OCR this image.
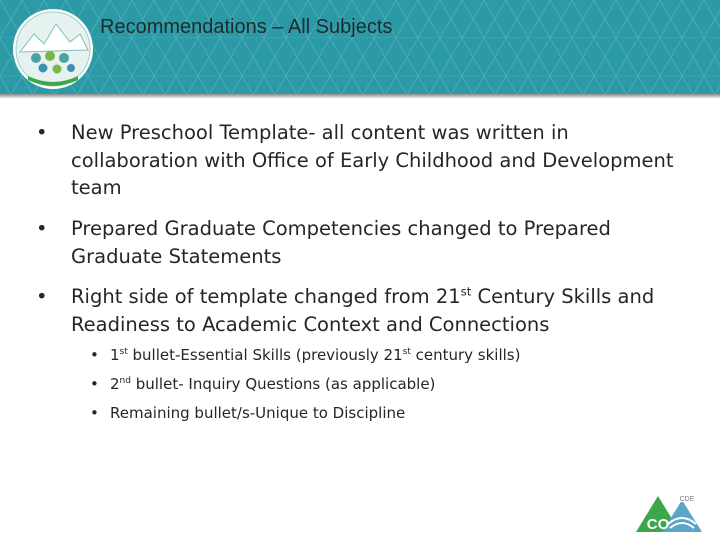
Recommendations – All Subjects
• New Preschool Template- all content was written in collaboration with Office of Early Childhood and Development team
• Prepared Graduate Competencies changed to Prepared Graduate Statements
• Right side of template changed from 21st Century Skills and Readiness to Academic Context and Connections
• 1st bullet-Essential Skills (previously 21st century skills)
• 2nd bullet- Inquiry Questions (as applicable)
• Remaining bullet/s-Unique to Discipline
CDE
CO
